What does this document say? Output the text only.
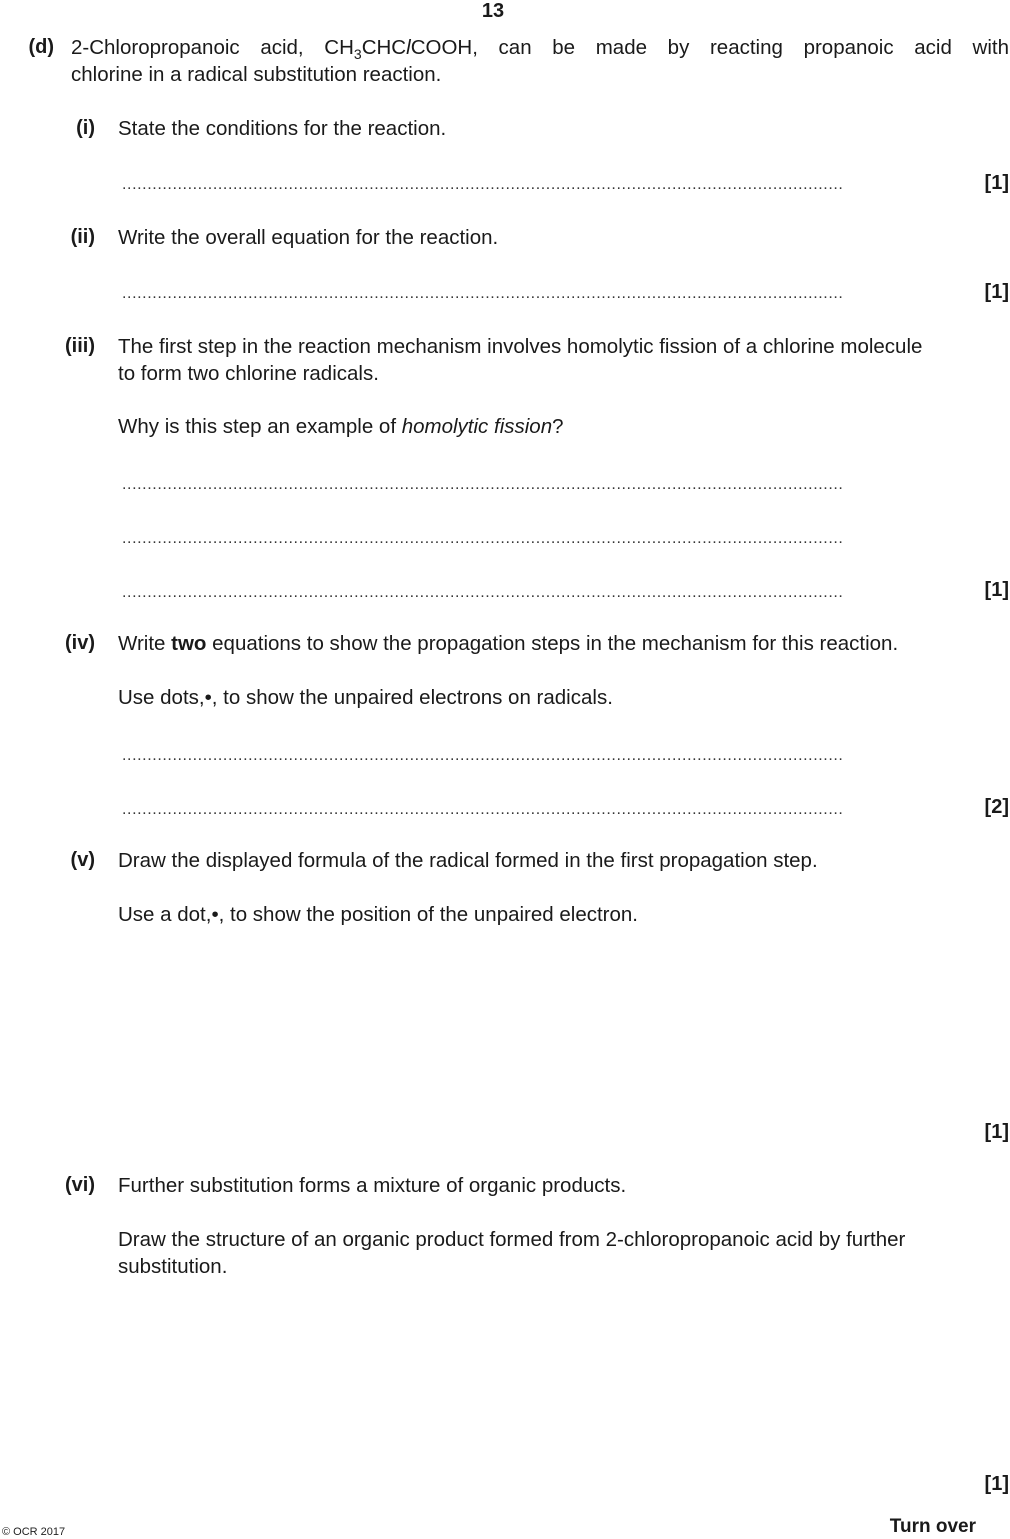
13
(d) 2-Chloropropanoic acid, $CH_3CHClCOOH$, can be made by reacting propanoic acid with
chlorine in a radical substitution reaction.
(i) State the conditions for the reaction.
...............................................................................................................................................	[1]
(ii) Write the overall equation for the reaction.
...............................................................................................................................................	[1]
(iii) The first step in the reaction mechanism involves homolytic fission of a chlorine molecule
to form two chlorine radicals.
Why is this step an example of homolytic fission?
...............................................................................................................................................
...............................................................................................................................................
...............................................................................................................................................	[1]
(iv) Write two equations to show the propagation steps in the mechanism for this reaction.
Use dots,•, to show the unpaired electrons on radicals.
...............................................................................................................................................
...............................................................................................................................................	[2]
(v) Draw the displayed formula of the radical formed in the first propagation step.
Use a dot,•, to show the position of the unpaired electron.
[1]
(vi) Further substitution forms a mixture of organic products.
Draw the structure of an organic product formed from 2-chloropropanoic acid by further
substitution.
[1]
© OCR 2017	Turn over
